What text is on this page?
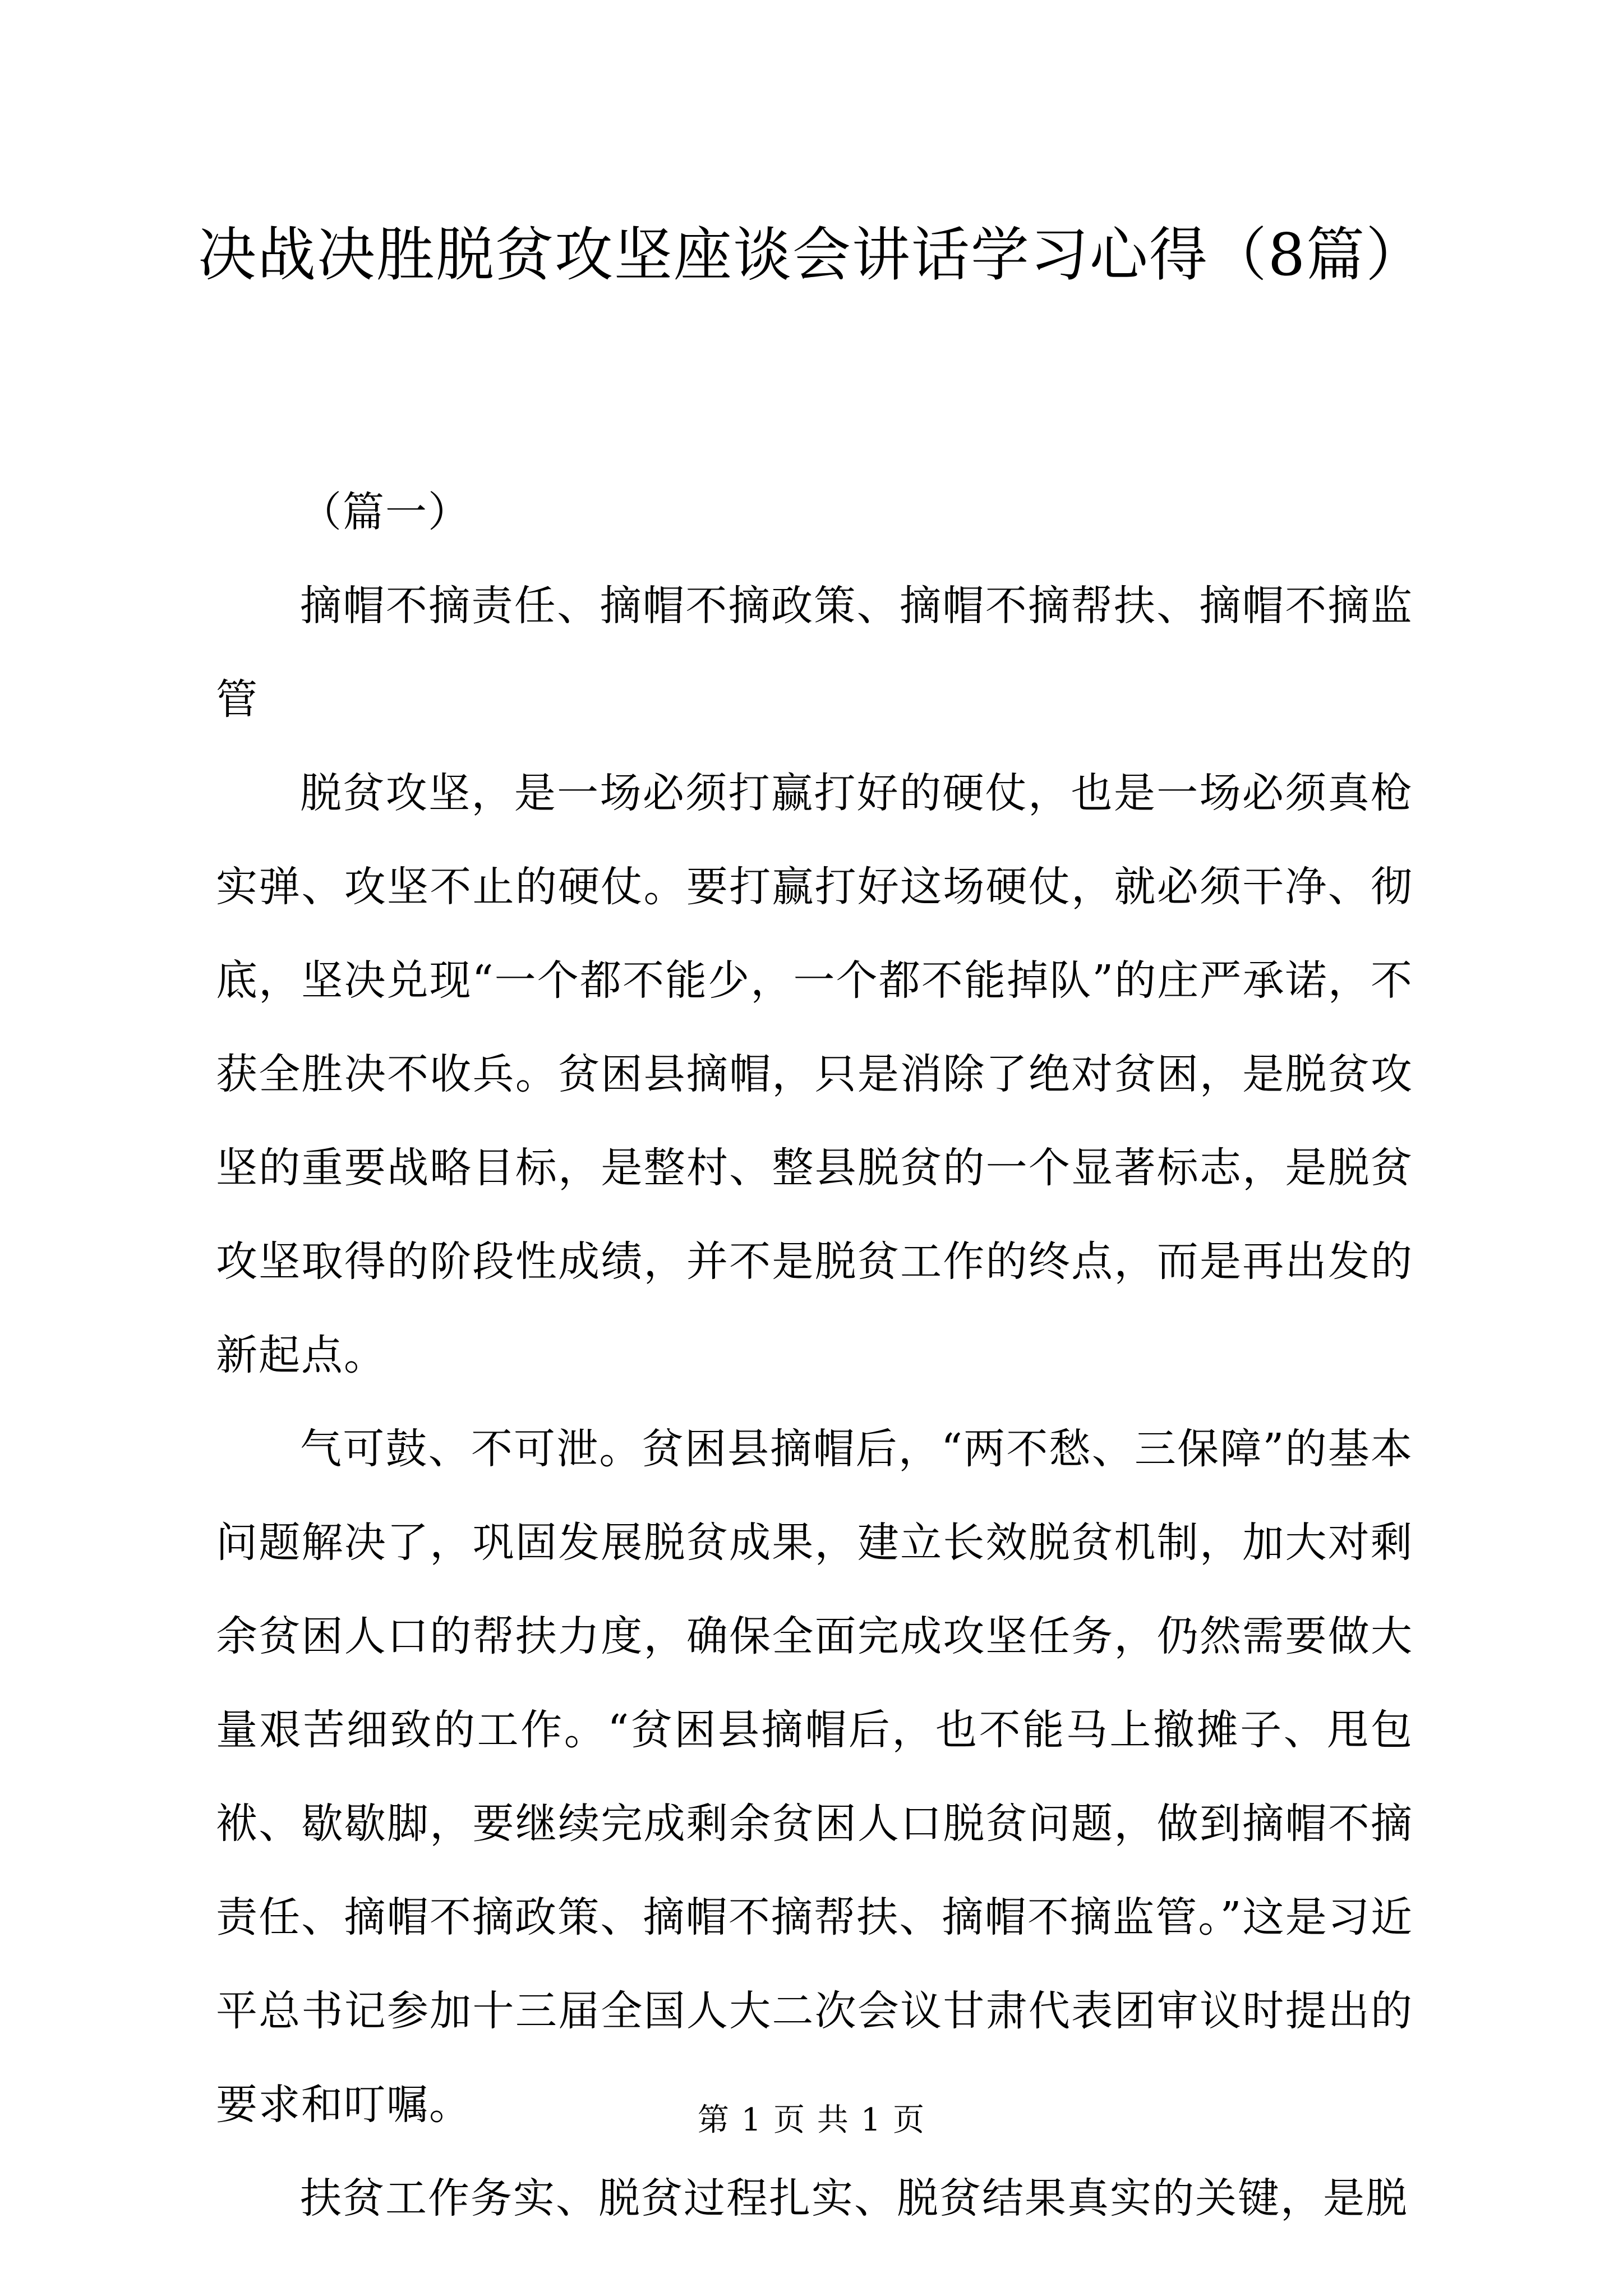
决战决胜脱贫攻坚座谈会讲话学习心得（8篇）

（篇一）

摘帽不摘责任、摘帽不摘政策、摘帽不摘帮扶、摘帽不摘监管

脱贫攻坚，是一场必须打赢打好的硬仗，也是一场必须真枪实弹、攻坚不止的硬仗。要打赢打好这场硬仗，就必须干净、彻底，坚决兑现“一个都不能少，一个都不能掉队”的庄严承诺，不获全胜决不收兵。贫困县摘帽，只是消除了绝对贫困，是脱贫攻坚的重要战略目标，是整村、整县脱贫的一个显著标志，是脱贫攻坚取得的阶段性成绩，并不是脱贫工作的终点，而是再出发的新起点。

气可鼓、不可泄。贫困县摘帽后，“两不愁、三保障”的基本问题解决了，巩固发展脱贫成果，建立长效脱贫机制，加大对剩余贫困人口的帮扶力度，确保全面完成攻坚任务，仍然需要做大量艰苦细致的工作。“贫困县摘帽后，也不能马上撤摊子、甩包袱、歇歇脚，要继续完成剩余贫困人口脱贫问题，做到摘帽不摘责任、摘帽不摘政策、摘帽不摘帮扶、摘帽不摘监管。”这是习近平总书记参加十三届全国人大二次会议甘肃代表团审议时提出的要求和叮嘱。

扶贫工作务实、脱贫过程扎实、脱贫结果真实的关键，是脱

第 1 页 共 1 页
